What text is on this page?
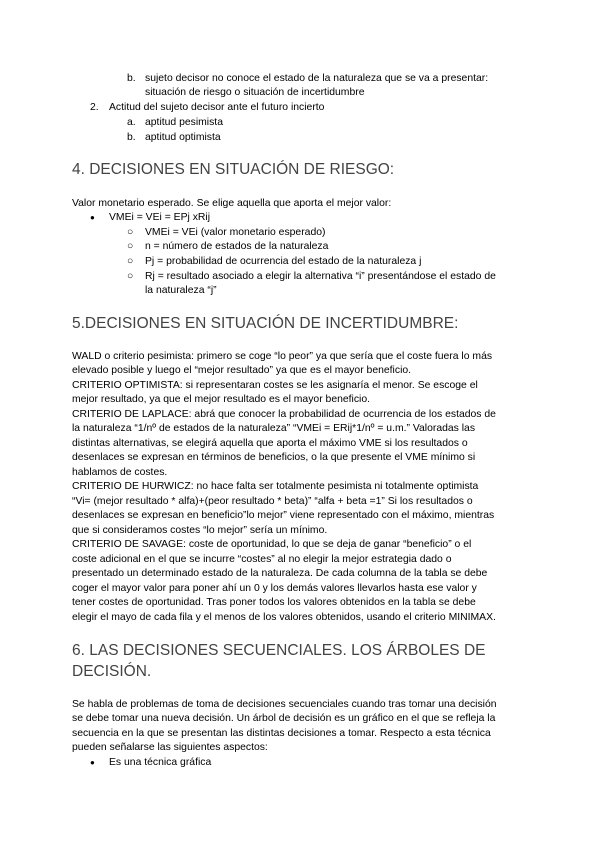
b. sujeto decisor no conoce el estado de la naturaleza que se va a presentar:
situación de riesgo o situación de incertidumbre
2. Actitud del sujeto decisor ante el futuro incierto
a. aptitud pesimista
b. aptitud optimista
4. DECISIONES EN SITUACIÓN DE RIESGO:
Valor monetario esperado. Se elige aquella que aporta el mejor valor:
● VMEi = VEi = EPj xRij
○ VMEi = VEi (valor monetario esperado)
○ n = número de estados de la naturaleza
○ Pj = probabilidad de ocurrencia del estado de la naturaleza j
○ Rj = resultado asociado a elegir la alternativa “i” presentándose el estado de
la naturaleza “j”
5.DECISIONES EN SITUACIÓN DE INCERTIDUMBRE:
WALD o criterio pesimista: primero se coge “lo peor” ya que sería que el coste fuera lo más
elevado posible y luego el “mejor resultado” ya que es el mayor beneficio.
CRITERIO OPTIMISTA: si representaran costes se les asignaría el menor. Se escoge el
mejor resultado, ya que el mejor resultado es el mayor beneficio.
CRITERIO DE LAPLACE: abrá que conocer la probabilidad de ocurrencia de los estados de
la naturaleza “1/nº de estados de la naturaleza” “VMEi = ERij*1/nº = u.m.” Valoradas las
distintas alternativas, se elegirá aquella que aporta el máximo VME si los resultados o
desenlaces se expresan en términos de beneficios, o la que presente el VME mínimo si
hablamos de costes.
CRITERIO DE HURWICZ: no hace falta ser totalmente pesimista ni totalmente optimista
“Vi= (mejor resultado * alfa)+(peor resultado * beta)” “alfa + beta =1” Si los resultados o
desenlaces se expresan en beneficio”lo mejor” viene representado con el máximo, mientras
que si consideramos costes “lo mejor” sería un mínimo.
CRITERIO DE SAVAGE: coste de oportunidad, lo que se deja de ganar “beneficio” o el
coste adicional en el que se incurre “costes” al no elegir la mejor estrategia dado o
presentado un determinado estado de la naturaleza. De cada columna de la tabla se debe
coger el mayor valor para poner ahí un 0 y los demás valores llevarlos hasta ese valor y
tener costes de oportunidad. Tras poner todos los valores obtenidos en la tabla se debe
elegir el mayo de cada fila y el menos de los valores obtenidos, usando el criterio MINIMAX.
6. LAS DECISIONES SECUENCIALES. LOS ÁRBOLES DE
DECISIÓN.
Se habla de problemas de toma de decisiones secuenciales cuando tras tomar una decisión
se debe tomar una nueva decisión. Un árbol de decisión es un gráfico en el que se refleja la
secuencia en la que se presentan las distintas decisiones a tomar. Respecto a esta técnica
pueden señalarse las siguientes aspectos:
● Es una técnica gráfica
